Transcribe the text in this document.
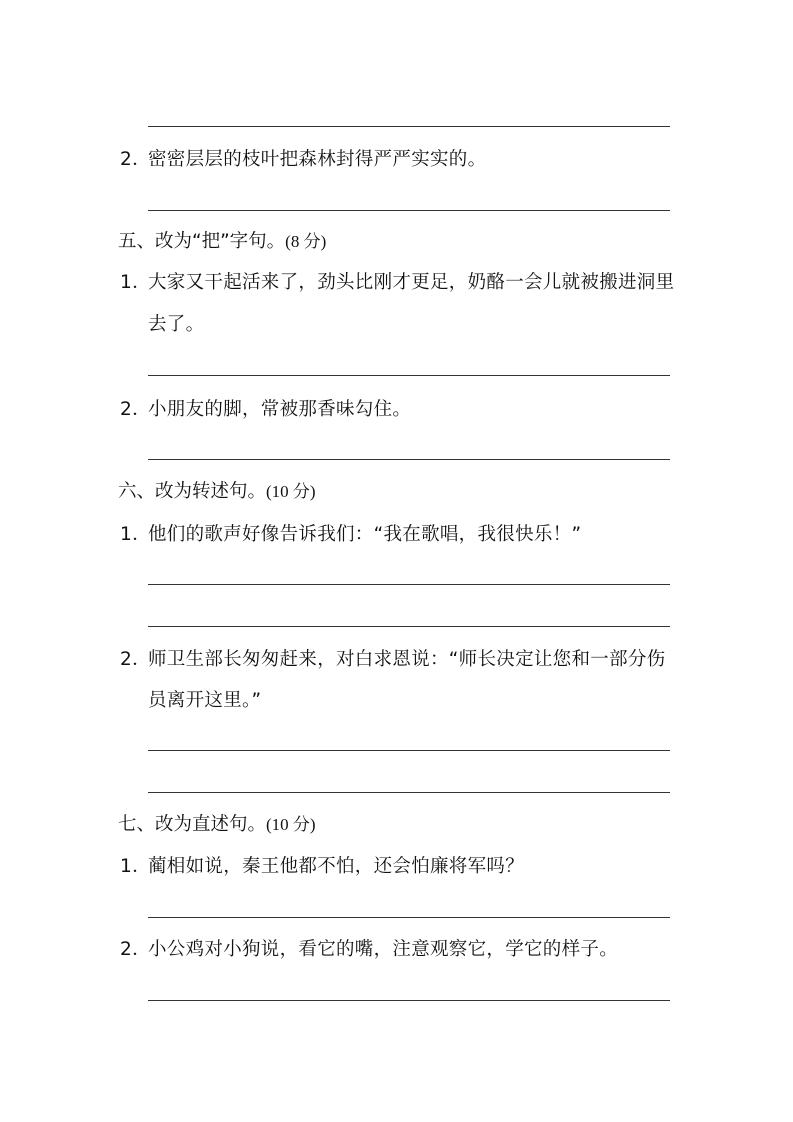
2．密密层层的枝叶把森林封得严严实实的。
五、改为“把”字句。(8 分)
1．大家又干起活来了，劲头比刚才更足，奶酪一会儿就被搬进洞里
去了。
2．小朋友的脚，常被那香味勾住。
六、改为转述句。(10 分)
1．他们的歌声好像告诉我们：“我在歌唱，我很快乐！”
2．师卫生部长匆匆赶来，对白求恩说：“师长决定让您和一部分伤
员离开这里。”
七、改为直述句。(10 分)
1．蔺相如说，秦王他都不怕，还会怕廉将军吗？
2．小公鸡对小狗说，看它的嘴，注意观察它，学它的样子。
